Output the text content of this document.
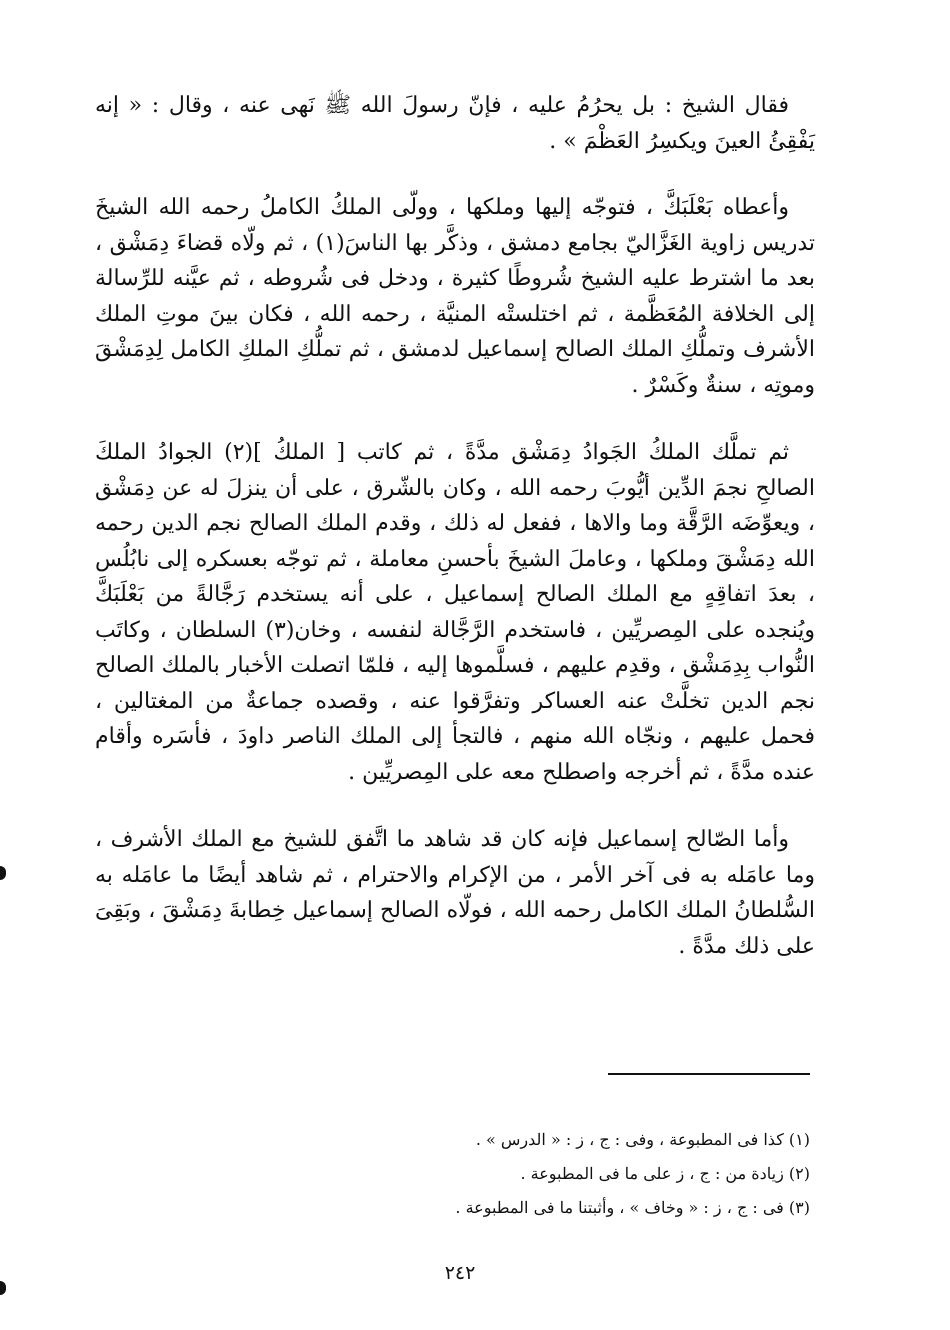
فقال الشيخ : بل يحرُمُ عليه ، فإنّ رسولَ الله ﷺ نَهى عنه ، وقال : « إنه يَفْقِئُ العينَ ويكسِرُ العَظْمَ » .

وأعطاه بَعْلَبَكَّ ، فتوجّه إليها وملكها ، وولّى الملكُ الكاملُ رحمه الله الشيخَ تدريس زاوية الغَزَّاليّ بجامع دمشق ، وذكَّر بها الناسَ(١) ، ثم ولّاه قضاءَ دِمَشْق ، بعد ما اشترط عليه الشيخ شُروطًا كثيرة ، ودخل فى شُروطه ، ثم عيَّنه للرِّسالة إلى الخلافة المُعَظَّمة ، ثم اختلستْه المنيَّة ، رحمه الله ، فكان بينَ موتِ الملك الأشرف وتملُّكِ الملك الصالح إسماعيل لدمشق ، ثم تملُّكِ الملكِ الكامل لِدِمَشْقَ وموتِه ، سنةٌ وكَسْرٌ .

ثم تملَّك الملكُ الجَوادُ دِمَشْق مدَّةً ، ثم كاتب [ الملكُ ](٢) الجوادُ الملكَ الصالحِ نجمَ الدِّين أيُّوبَ رحمه الله ، وكان بالشّرق ، على أن ينزلَ له عن دِمَشْق ، ويعوِّضَه الرَّقَّة وما والاها ، ففعل له ذلك ، وقدم الملك الصالح نجم الدين رحمه الله دِمَشْقَ وملكها ، وعاملَ الشيخَ بأحسنِ معاملة ، ثم توجّه بعسكره إلى نابُلُس ، بعدَ اتفاقِهٍ مع الملك الصالح إسماعيل ، على أنه يستخدم رَجَّالةً من بَعْلَبَكَّ ويُنجده على المِصريِّين ، فاستخدم الرَّجَّالة لنفسه ، وخان(٣) السلطان ، وكاتَب النُّواب بِدِمَشْق ، وقدِم عليهم ، فسلَّموها إليه ، فلمّا اتصلت الأخبار بالملك الصالح نجم الدين تخلَّتْ عنه العساكر وتفرَّقوا عنه ، وقصده جماعةٌ من المغتالين ، فحمل عليهم ، ونجّاه الله منهم ، فالتجأ إلى الملك الناصر داودَ ، فأسَره وأقام عنده مدَّةً ، ثم أخرجه واصطلح معه على المِصريِّين .

وأما الصّالح إسماعيل فإنه كان قد شاهد ما اتَّفق للشيخ مع الملك الأشرف ، وما عامَله به فى آخر الأمر ، من الإكرام والاحترام ، ثم شاهد أيضًا ما عامَله به السُّلطانُ الملك الكامل رحمه الله ، فولّاه الصالح إسماعيل خِطابةَ دِمَشْقَ ، وبَقِىَ على ذلك مدَّةً .

(١) كذا فى المطبوعة ، وفى : ج ، ز : « الدرس » .

(٢) زيادة من : ج ، ز على ما فى المطبوعة .

(٣) فى : ج ، ز : « وخاف » ، وأثبتنا ما فى المطبوعة .

٢٤٢
